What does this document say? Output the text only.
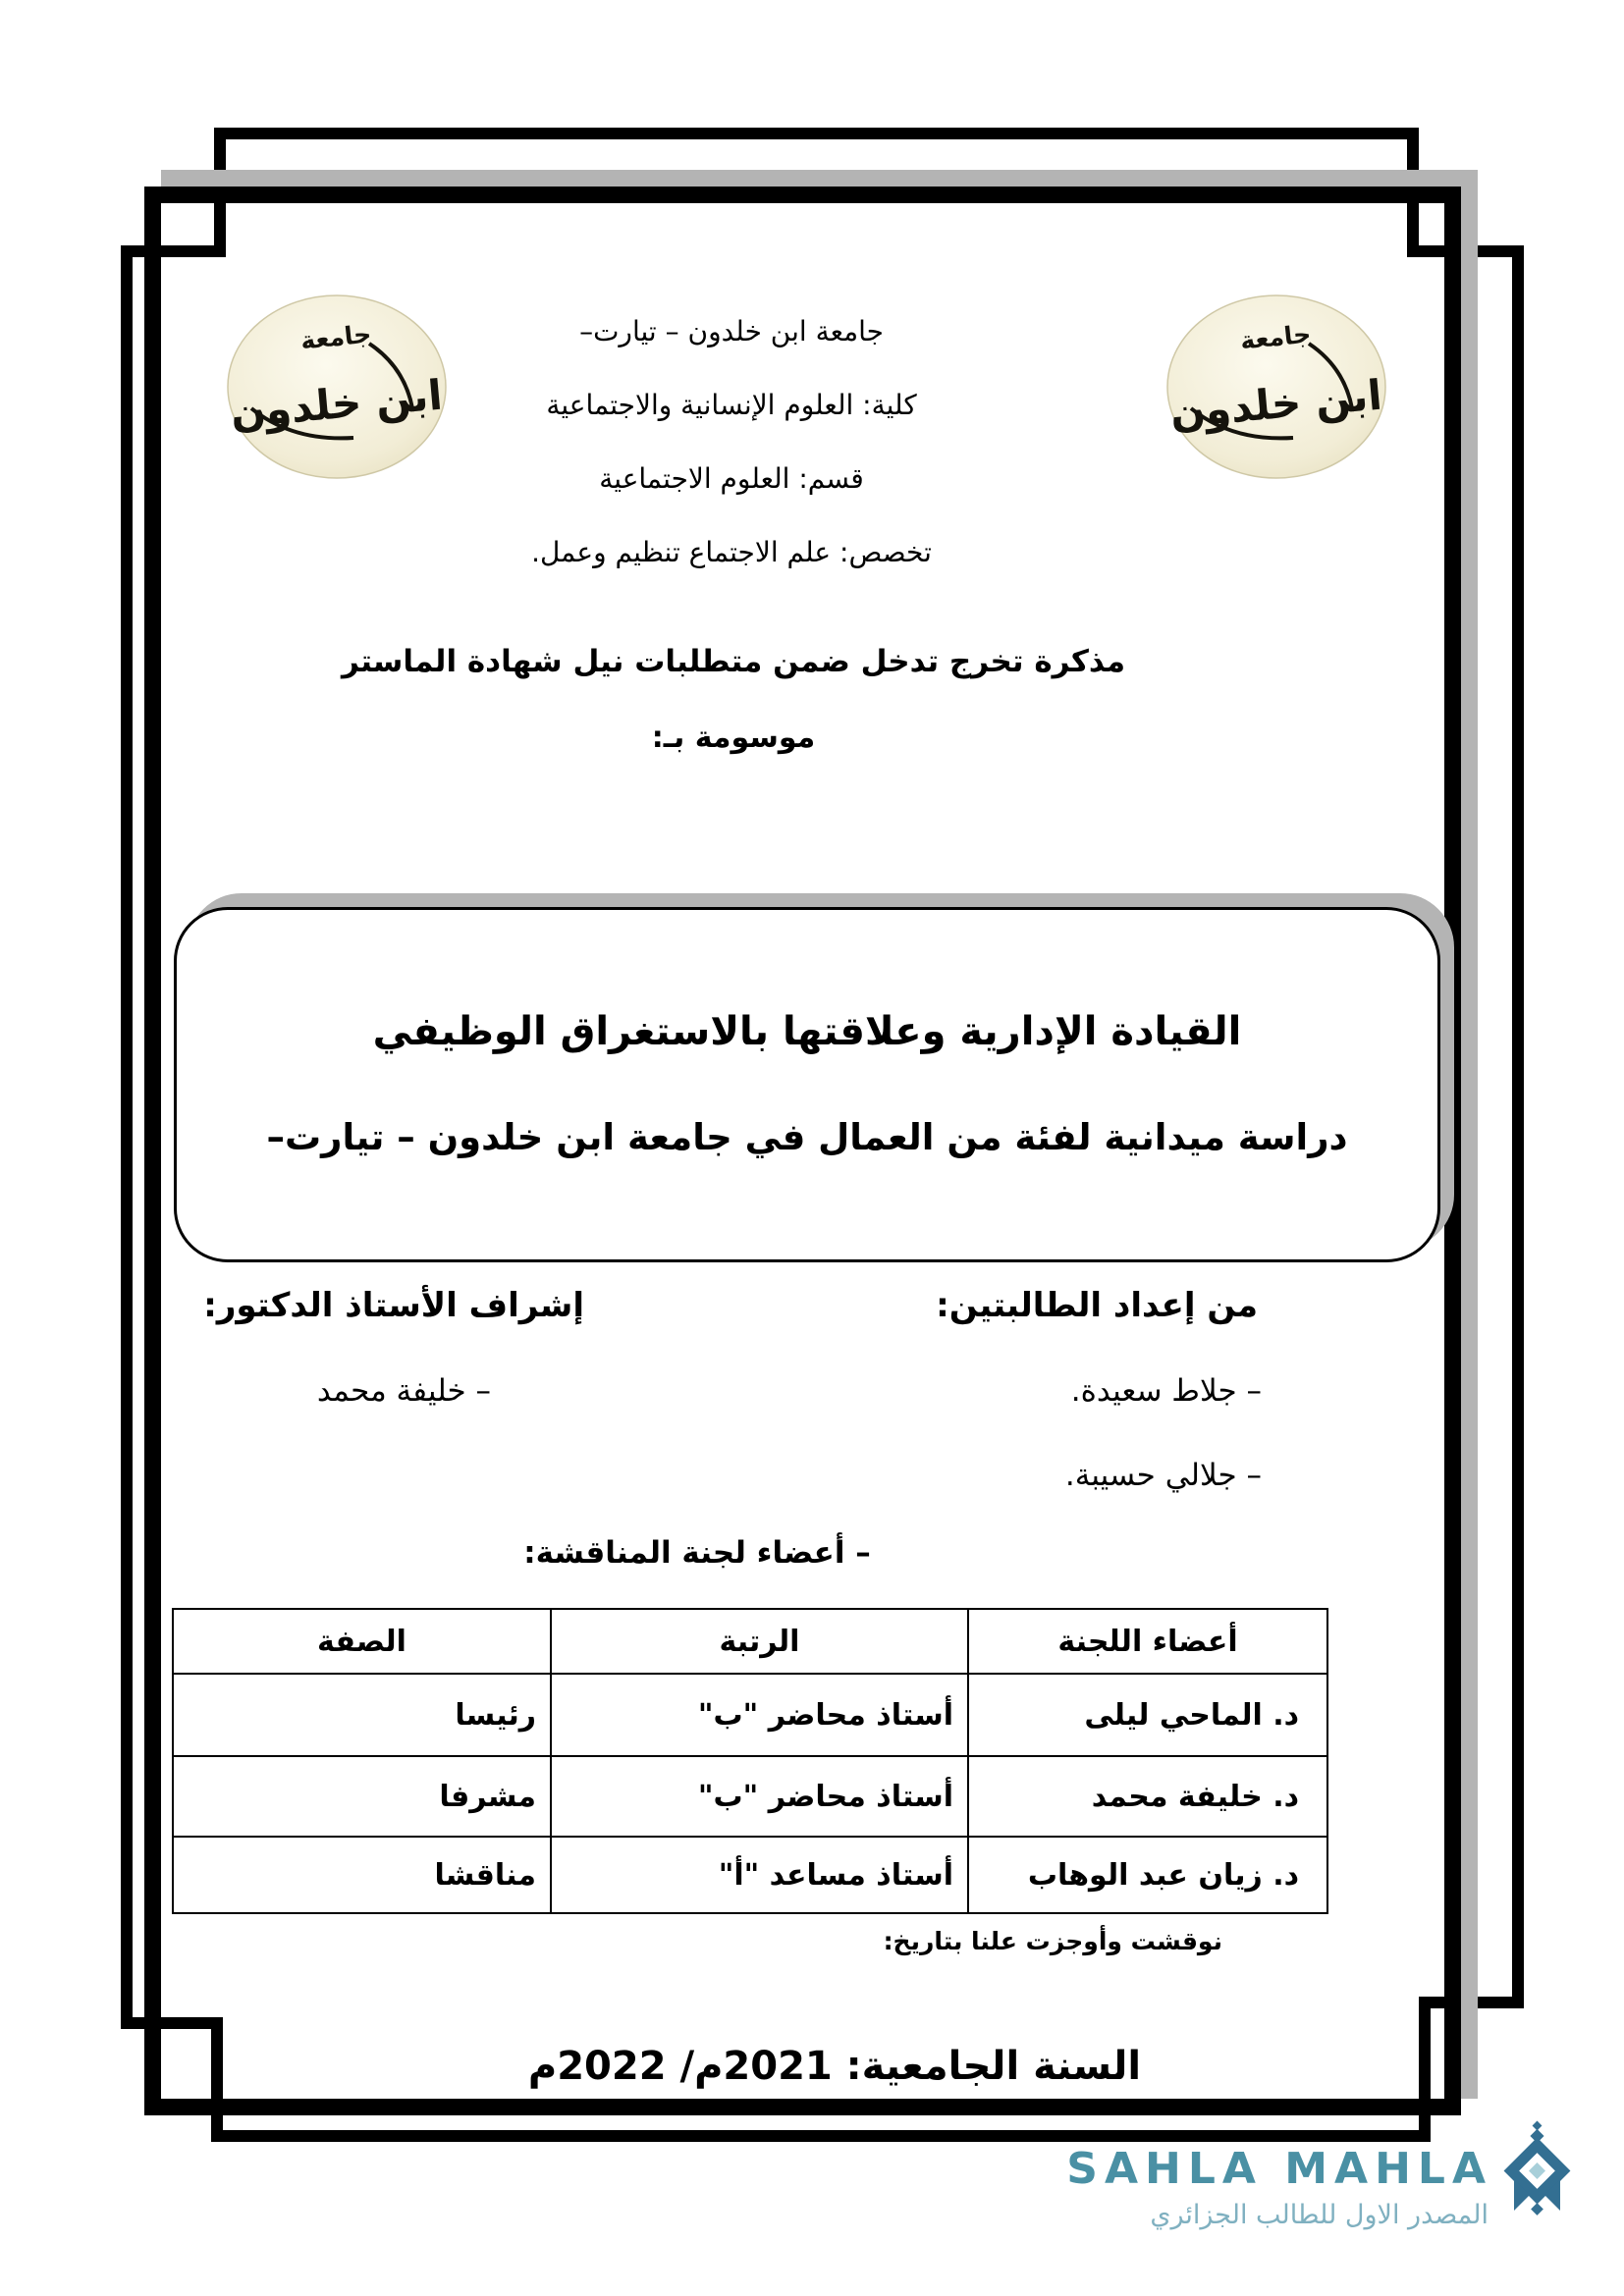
جامعة
ابن خلدون
جامعة
ابن خلدون
جامعة ابن خلدون – تيارت–
كلية: العلوم الإنسانية والاجتماعية
قسم: العلوم الاجتماعية
تخصص: علم الاجتماع تنظيم وعمل.
مذكرة تخرج تدخل ضمن متطلبات نيل شهادة الماستر
موسومة بـ:
القيادة الإدارية وعلاقتها بالاستغراق الوظيفي
دراسة ميدانية لفئة من العمال في جامعة ابن خلدون – تيارت–
من إعداد الطالبتين:
إشراف الأستاذ الدكتور:
– جلاط سعيدة.
– جلالي حسيبة.
– خليفة محمد
– أعضاء لجنة المناقشة:
أعضاء اللجنة	الرتبة	الصفة
د. الماحي ليلى	أستاذ محاضر "ب"	رئيسا
د. خليفة محمد	أستاذ محاضر "ب"	مشرفا
د. زيان عبد الوهاب	أستاذ مساعد "أ"	مناقشا
نوقشت وأوجزت علنا بتاريخ:
السنة الجامعية: 2021م/ 2022م
SAHLA MAHLA
المصدر الاول للطالب الجزائري
